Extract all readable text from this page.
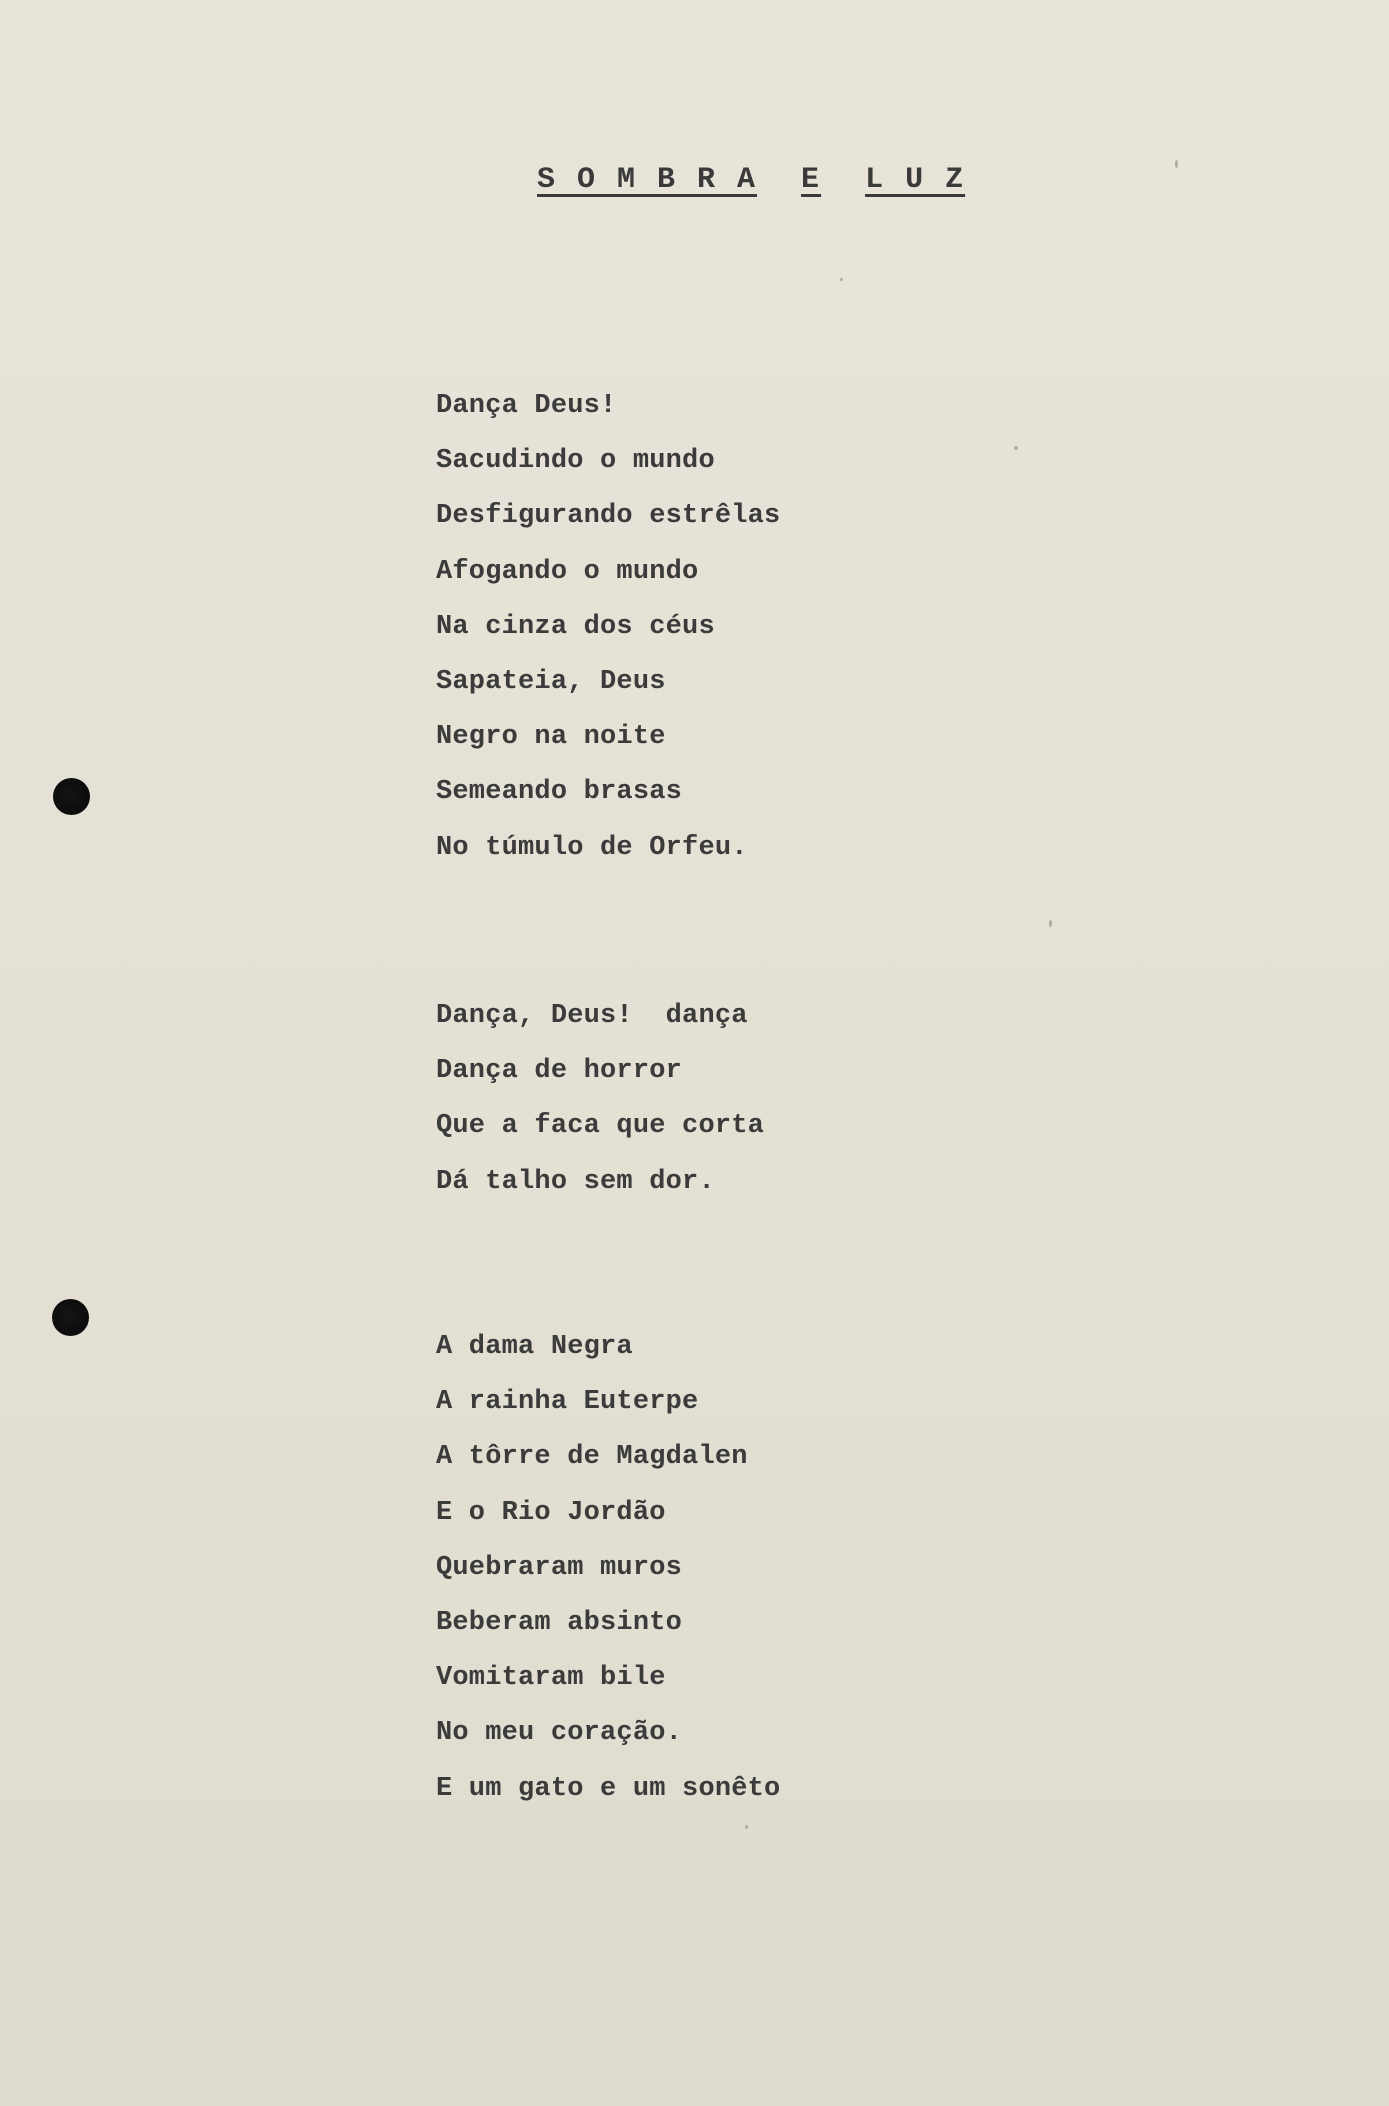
S O M B R A E L U Z
Dança Deus!
Sacudindo o mundo
Desfigurando estrêlas
Afogando o mundo
Na cinza dos céus
Sapateia, Deus
Negro na noite
Semeando brasas
No túmulo de Orfeu.
Dança, Deus!  dança
Dança de horror
Que a faca que corta
Dá talho sem dor.
A dama Negra
A rainha Euterpe
A tôrre de Magdalen
E o Rio Jordão
Quebraram muros
Beberam absinto
Vomitaram bile
No meu coração.
E um gato e um sonêto
